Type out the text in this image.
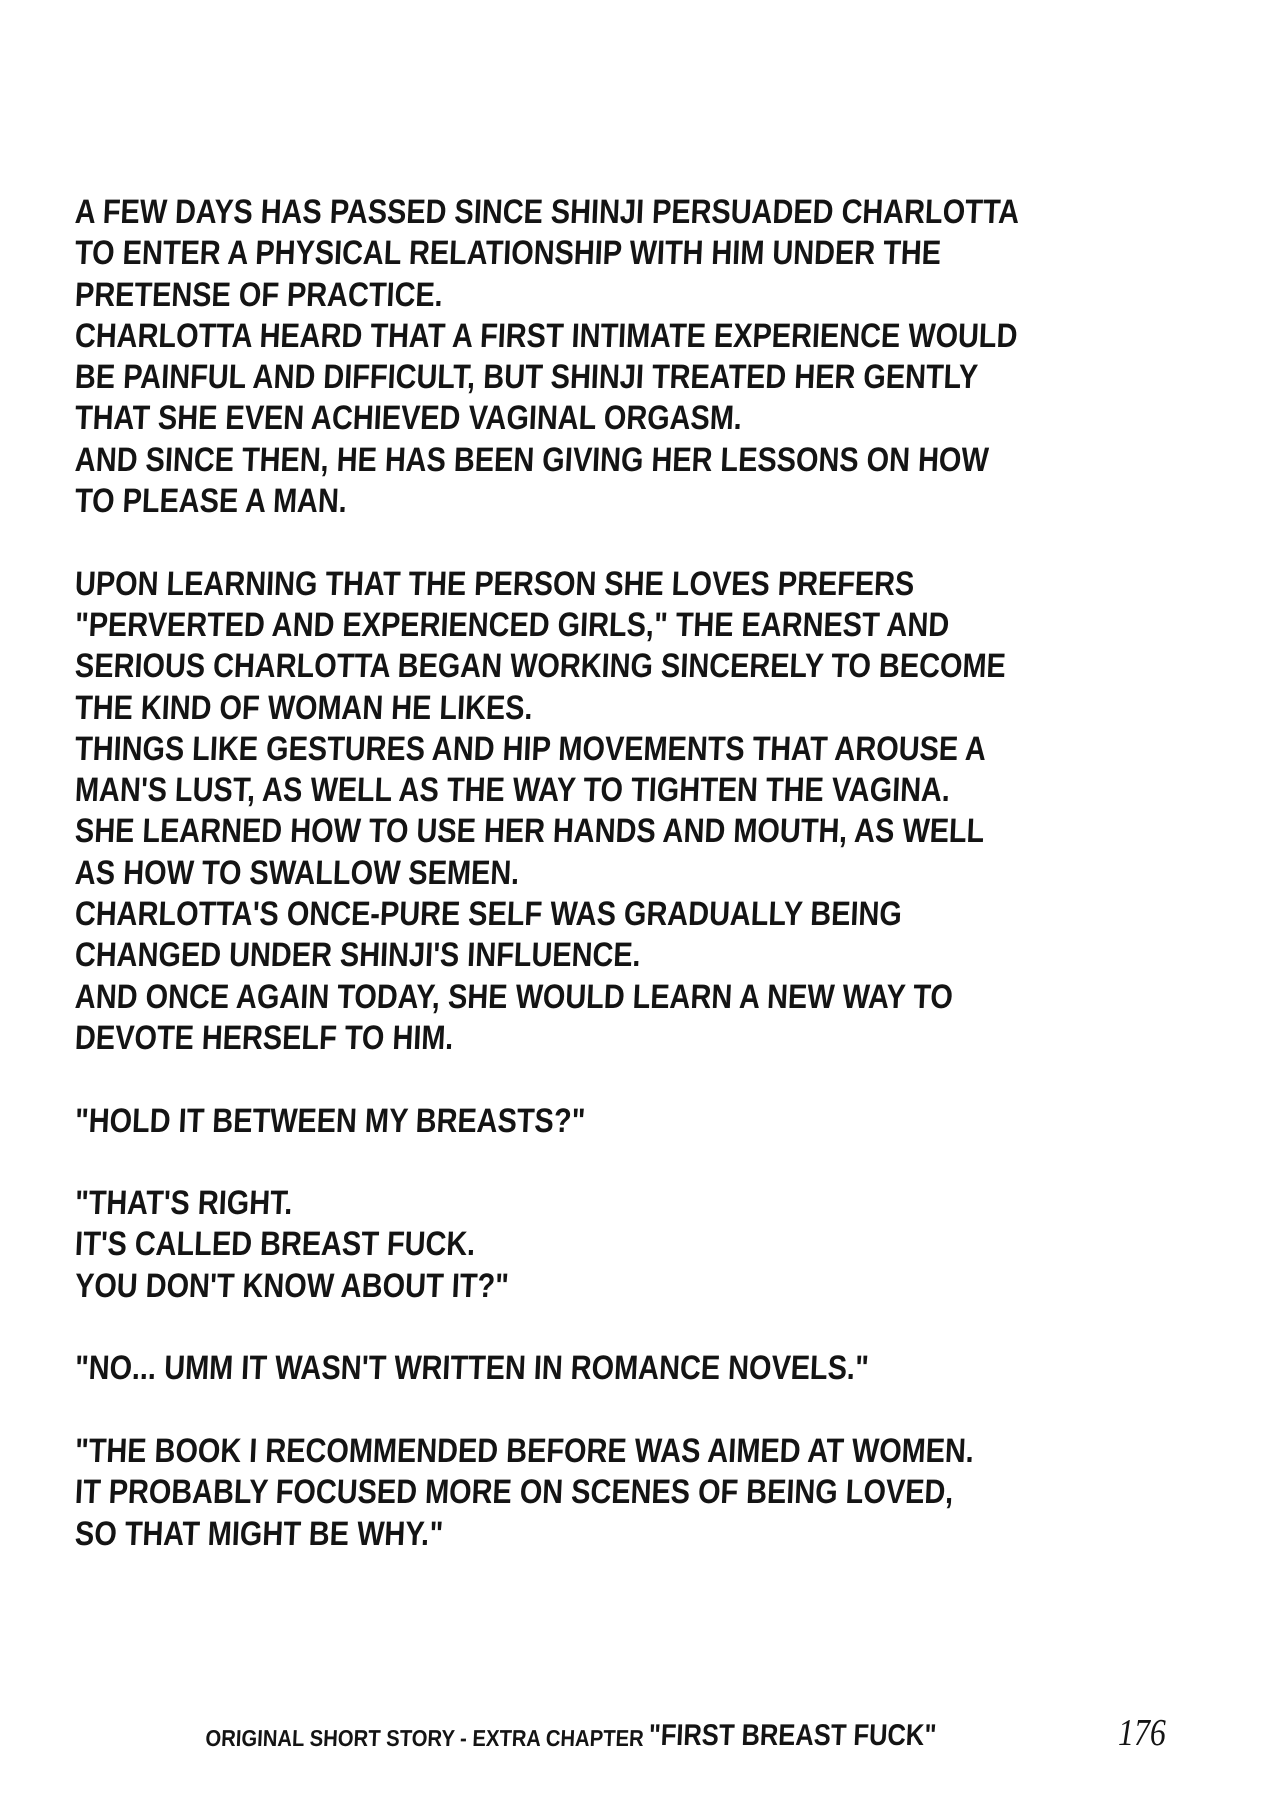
A FEW DAYS HAS PASSED SINCE SHINJI PERSUADED CHARLOTTA
TO ENTER A PHYSICAL RELATIONSHIP WITH HIM UNDER THE
PRETENSE OF PRACTICE.
CHARLOTTA HEARD THAT A FIRST INTIMATE EXPERIENCE WOULD
BE PAINFUL AND DIFFICULT, BUT SHINJI TREATED HER GENTLY
THAT SHE EVEN ACHIEVED VAGINAL ORGASM.
AND SINCE THEN, HE HAS BEEN GIVING HER LESSONS ON HOW
TO PLEASE A MAN.
UPON LEARNING THAT THE PERSON SHE LOVES PREFERS
"PERVERTED AND EXPERIENCED GIRLS," THE EARNEST AND
SERIOUS CHARLOTTA BEGAN WORKING SINCERELY TO BECOME
THE KIND OF WOMAN HE LIKES.
THINGS LIKE GESTURES AND HIP MOVEMENTS THAT AROUSE A
MAN'S LUST, AS WELL AS THE WAY TO TIGHTEN THE VAGINA.
SHE LEARNED HOW TO USE HER HANDS AND MOUTH, AS WELL
AS HOW TO SWALLOW SEMEN.
CHARLOTTA'S ONCE-PURE SELF WAS GRADUALLY BEING
CHANGED UNDER SHINJI'S INFLUENCE.
AND ONCE AGAIN TODAY, SHE WOULD LEARN A NEW WAY TO
DEVOTE HERSELF TO HIM.
"HOLD IT BETWEEN MY BREASTS?"
"THAT'S RIGHT.
IT'S CALLED BREAST FUCK.
YOU DON'T KNOW ABOUT IT?"
"NO... UMM IT WASN'T WRITTEN IN ROMANCE NOVELS."
"THE BOOK I RECOMMENDED BEFORE WAS AIMED AT WOMEN.
IT PROBABLY FOCUSED MORE ON SCENES OF BEING LOVED,
SO THAT MIGHT BE WHY."
ORIGINAL SHORT STORY - EXTRA CHAPTER "FIRST BREAST FUCK"	176
